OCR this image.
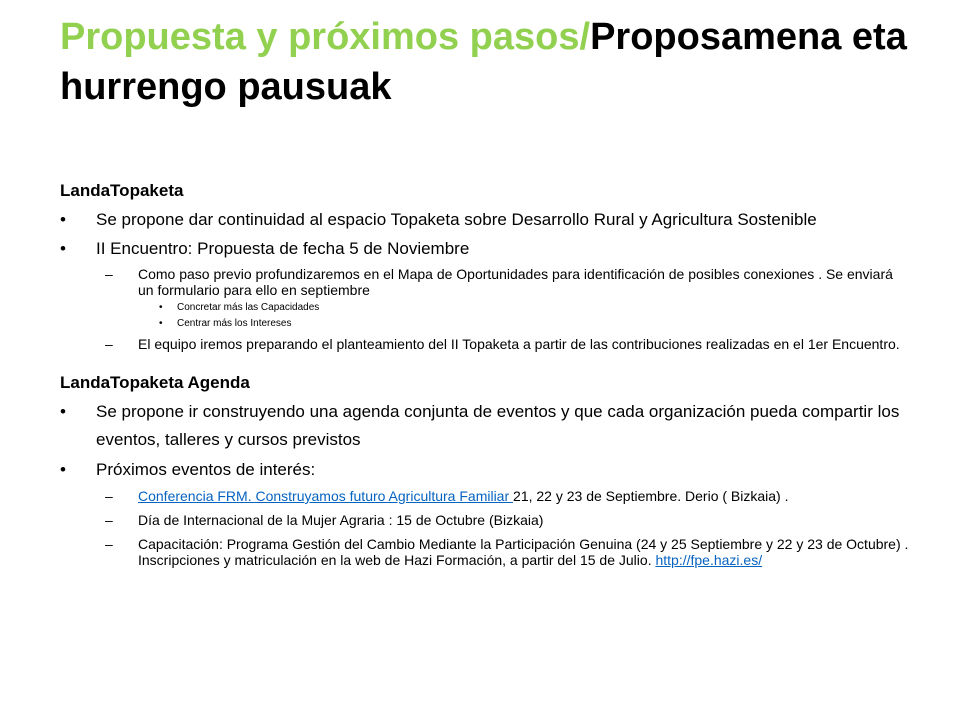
Propuesta y próximos pasos/Proposamena eta hurrengo pausuak

LandaTopaketa

•	Se propone dar continuidad al espacio Topaketa sobre Desarrollo Rural y Agricultura Sostenible
•	II Encuentro: Propuesta de fecha 5 de Noviembre
–	Como paso previo profundizaremos en el Mapa de Oportunidades para identificación de posibles conexiones . Se enviará un formulario para ello en septiembre
•	Concretar más las Capacidades
•	Centrar más los Intereses
–	El equipo iremos preparando el planteamiento del II Topaketa a partir de las contribuciones realizadas en el 1er Encuentro.

LandaTopaketa Agenda

•	Se propone ir construyendo una agenda conjunta de eventos y que cada organización pueda compartir los eventos, talleres y cursos previstos
•	Próximos eventos de interés:
–	Conferencia FRM. Construyamos futuro Agricultura Familiar 21, 22 y 23 de Septiembre. Derio ( Bizkaia) .
–	Día de Internacional de la Mujer Agraria : 15 de Octubre (Bizkaia)
–	Capacitación: Programa Gestión del Cambio Mediante la Participación Genuina (24 y 25 Septiembre y 22 y 23 de Octubre) . Inscripciones y matriculación en la web de Hazi Formación, a partir del 15 de Julio. http://fpe.hazi.es/
